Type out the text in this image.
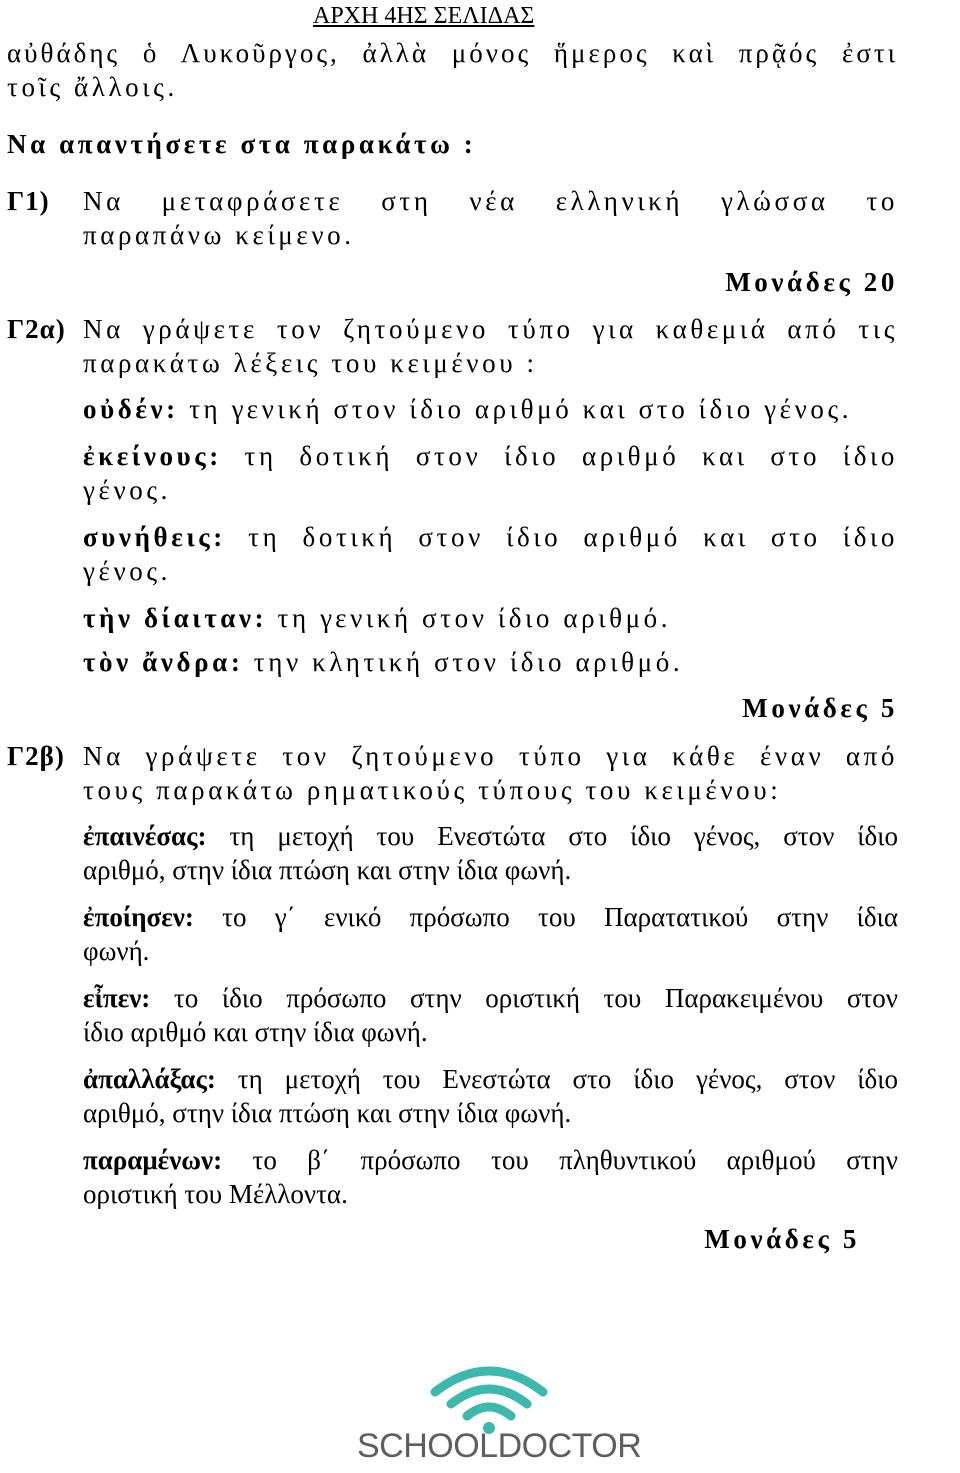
ΑΡΧΗ 4ΗΣ ΣΕΛΙΔΑΣ
αὐθάδης ὁ Λυκοῦργος, ἀλλὰ μόνος ἥμερος καὶ πρᾷός ἐστι
τοῖς ἄλλοις.
Να απαντήσετε στα παρακάτω :
Γ1) Να μεταφράσετε στη νέα ελληνική γλώσσα το
παραπάνω κείμενο.
Μονάδες 20
Γ2α) Να γράψετε τον ζητούμενο τύπο για καθεμιά από τις
παρακάτω λέξεις του κειμένου :
οὐδέν: τη γενική στον ίδιο αριθμό και στο ίδιο γένος.
ἐκείνους: τη δοτική στον ίδιο αριθμό και στο ίδιο
γένος.
συνήθεις: τη δοτική στον ίδιο αριθμό και στο ίδιο
γένος.
τὴν δίαιταν: τη γενική στον ίδιο αριθμό.
τὸν ἄνδρα: την κλητική στον ίδιο αριθμό.
Μονάδες 5
Γ2β) Να γράψετε τον ζητούμενο τύπο για κάθε έναν από
τους παρακάτω ρηματικούς τύπους του κειμένου:
ἐπαινέσας: τη μετοχή του Ενεστώτα στο ίδιο γένος, στον ίδιο
αριθμό, στην ίδια πτώση και στην ίδια φωνή.
ἐποίησεν: το γ΄ ενικό πρόσωπο του Παρατατικού στην ίδια
φωνή.
εἶπεν: το ίδιο πρόσωπο στην οριστική του Παρακειμένου στον
ίδιο αριθμό και στην ίδια φωνή.
ἀπαλλάξας: τη μετοχή του Ενεστώτα στο ίδιο γένος, στον ίδιο
αριθμό, στην ίδια πτώση και στην ίδια φωνή.
παραμένων: το β΄ πρόσωπο του πληθυντικού αριθμού στην
οριστική του Μέλλοντα.
Μονάδες 5
SCHOOLDOCTOR
